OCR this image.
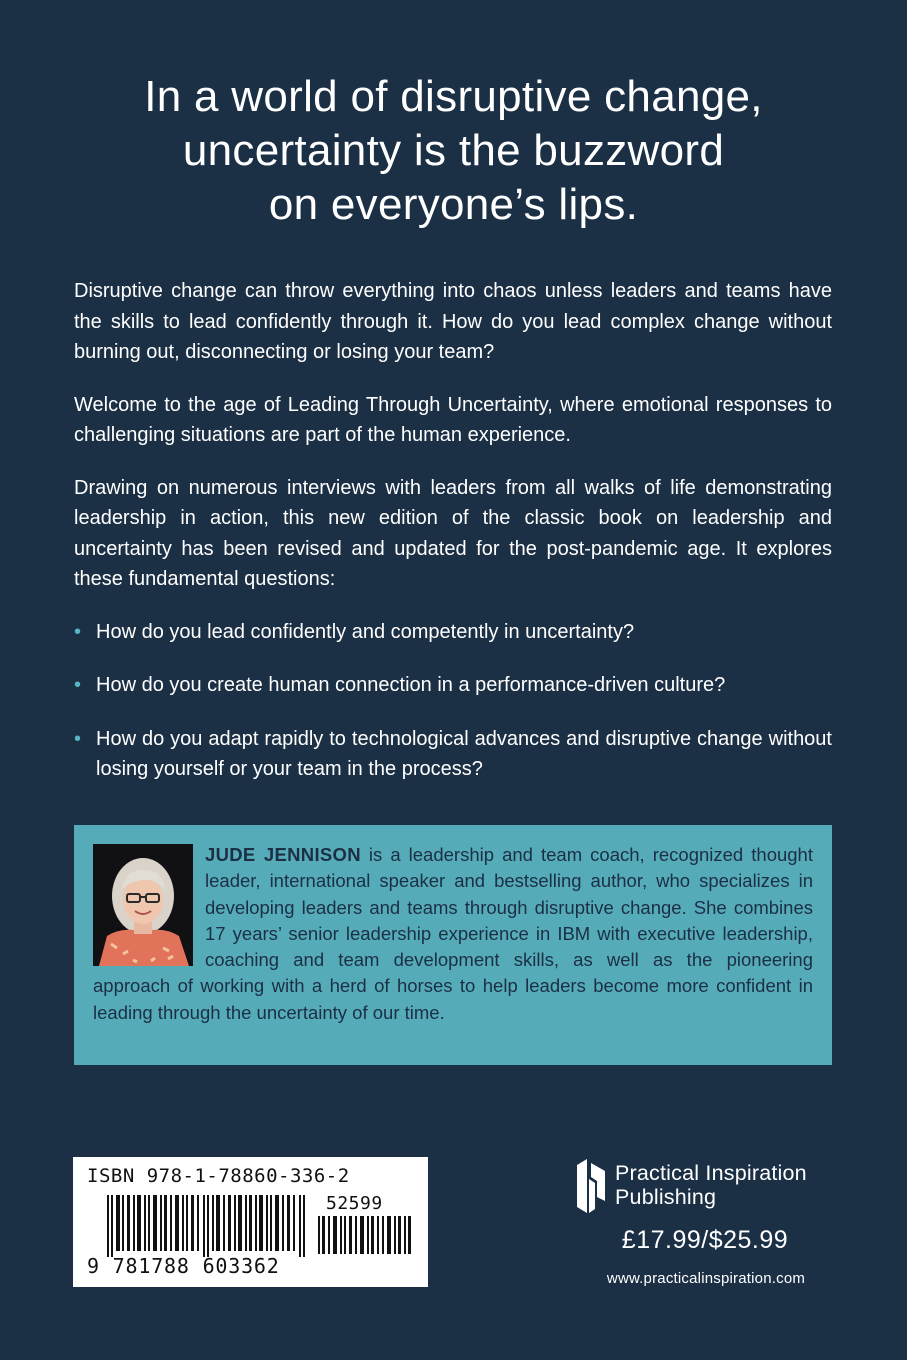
In a world of disruptive change,
uncertainty is the buzzword
on everyone’s lips.

Disruptive change can throw everything into chaos unless leaders and teams have the skills to lead confidently through it. How do you lead complex change without burning out, disconnecting or losing your team?

Welcome to the age of Leading Through Uncertainty, where emotional responses to challenging situations are part of the human experience.

Drawing on numerous interviews with leaders from all walks of life demonstrating leadership in action, this new edition of the classic book on leadership and uncertainty has been revised and updated for the post-pandemic age. It explores these fundamental questions:

• How do you lead confidently and competently in uncertainty?
• How do you create human connection in a performance-driven culture?
• How do you adapt rapidly to technological advances and disruptive change without losing yourself or your team in the process?
JUDE JENNISON is a leadership and team coach, recognized thought leader, international speaker and bestselling author, who specializes in developing leaders and teams through disruptive change. She combines 17 years’ senior leadership experience in IBM with executive leadership, coaching and team development skills, as well as the pioneering approach of working with a herd of horses to help leaders become more confident in leading through the uncertainty of our time.
ISBN 978-1-78860-336-2
52599
9 781788 603362
Practical Inspiration
Publishing
£17.99/$25.99
www.practicalinspiration.com
